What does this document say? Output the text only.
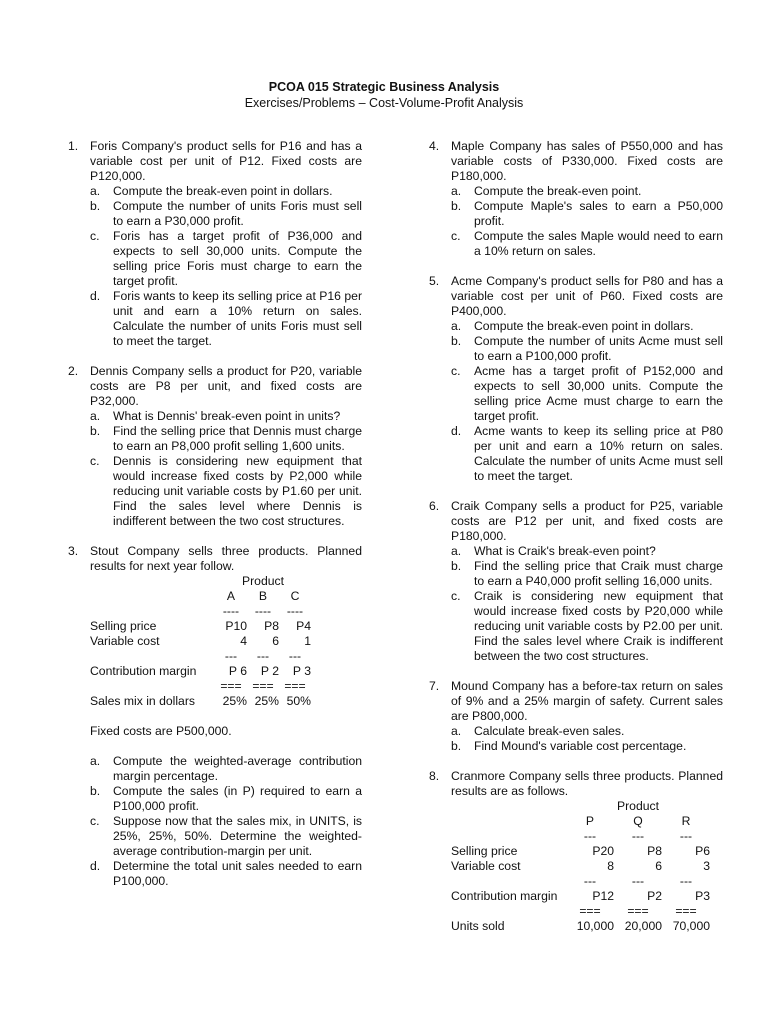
PCOA 015 Strategic Business Analysis
Exercises/Problems – Cost-Volume-Profit Analysis
1. Foris Company's product sells for P16 and has a variable cost per unit of P12. Fixed costs are P120,000.
a. Compute the break-even point in dollars.
b. Compute the number of units Foris must sell to earn a P30,000 profit.
c. Foris has a target profit of P36,000 and expects to sell 30,000 units. Compute the selling price Foris must charge to earn the target profit.
d. Foris wants to keep its selling price at P16 per unit and earn a 10% return on sales. Calculate the number of units Foris must sell to meet the target.
2. Dennis Company sells a product for P20, variable costs are P8 per unit, and fixed costs are P32,000.
a. What is Dennis' break-even point in units?
b. Find the selling price that Dennis must charge to earn an P8,000 profit selling 1,600 units.
c. Dennis is considering new equipment that would increase fixed costs by P2,000 while reducing unit variable costs by P1.60 per unit. Find the sales level where Dennis is indifferent between the two cost structures.
3. Stout Company sells three products. Planned results for next year follow.
	Product		
	A	B	C
	----	----	----
Selling price	P10	P8	P4
Variable cost	4	6	1
	---	---	---
Contribution margin	P 6	P 2	P 3
	===	===	===
Sales mix in dollars	25%	25%	50%
Fixed costs are P500,000.
a. Compute the weighted-average contribution margin percentage.
b. Compute the sales (in P) required to earn a P100,000 profit.
c. Suppose now that the sales mix, in UNITS, is 25%, 25%, 50%. Determine the weighted-average contribution-margin per unit.
d. Determine the total unit sales needed to earn P100,000.
4. Maple Company has sales of P550,000 and has variable costs of P330,000. Fixed costs are P180,000.
a. Compute the break-even point.
b. Compute Maple's sales to earn a P50,000 profit.
c. Compute the sales Maple would need to earn a 10% return on sales.
5. Acme Company's product sells for P80 and has a variable cost per unit of P60. Fixed costs are P400,000.
a. Compute the break-even point in dollars.
b. Compute the number of units Acme must sell to earn a P100,000 profit.
c. Acme has a target profit of P152,000 and expects to sell 30,000 units. Compute the selling price Acme must charge to earn the target profit.
d. Acme wants to keep its selling price at P80 per unit and earn a 10% return on sales. Calculate the number of units Acme must sell to meet the target.
6. Craik Company sells a product for P25, variable costs are P12 per unit, and fixed costs are P180,000.
a. What is Craik's break-even point?
b. Find the selling price that Craik must charge to earn a P40,000 profit selling 16,000 units.
c. Craik is considering new equipment that would increase fixed costs by P20,000 while reducing unit variable costs by P2.00 per unit. Find the sales level where Craik is indifferent between the two cost structures.
7. Mound Company has a before-tax return on sales of 9% and a 25% margin of safety. Current sales are P800,000.
a. Calculate break-even sales.
b. Find Mound's variable cost percentage.
8. Cranmore Company sells three products. Planned results are as follows.
	Product		
	P	Q	R
	---	---	---
Selling price	P20	P8	P6
Variable cost	8	6	3
	---	---	---
Contribution margin	P12	P2	P3
	===	===	===
Units sold	10,000	20,000	70,000
